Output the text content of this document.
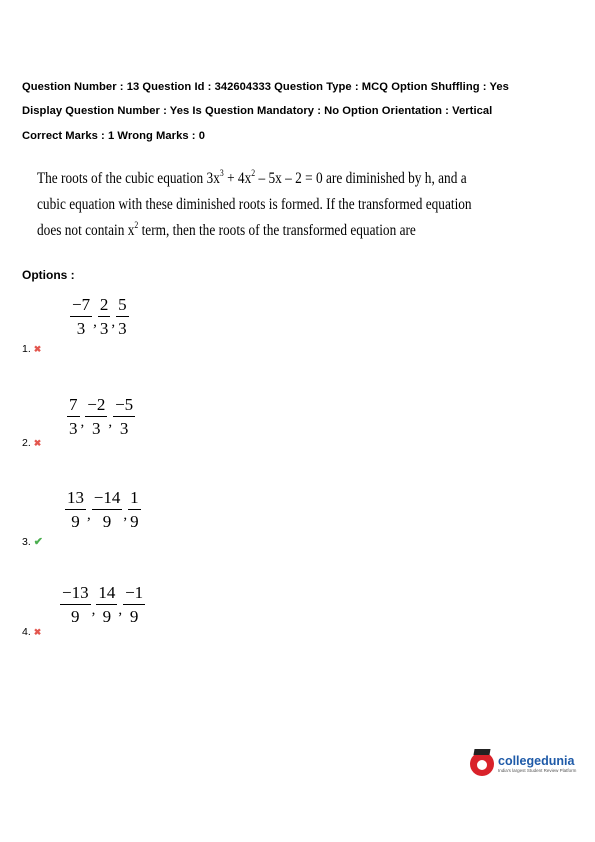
Question Number : 13 Question Id : 342604333 Question Type : MCQ Option Shuffling : Yes
Display Question Number : Yes Is Question Mandatory : No Option Orientation : Vertical
Correct Marks : 1 Wrong Marks : 0

The roots of the cubic equation $3x^3 + 4x^2 - 5x - 2 = 0$ are diminished by h, and a

cubic equation with these diminished roots is formed. If the transformed equation

does not contain $x^2$ term, then the roots of the transformed equation are

Options :
$\frac{-7}{3}$ , $\frac{2}{3}$ , $\frac{5}{3}$
1. ✖
$\frac{7}{3}$ , $\frac{-2}{3}$ , $\frac{-5}{3}$
2. ✖
$\frac{13}{9}$ , $\frac{-14}{9}$ , $\frac{1}{9}$
3. ✔
$\frac{-13}{9}$ , $\frac{14}{9}$ , $\frac{-1}{9}$
4. ✖
collegedunia
India's largest Student Review Platform
